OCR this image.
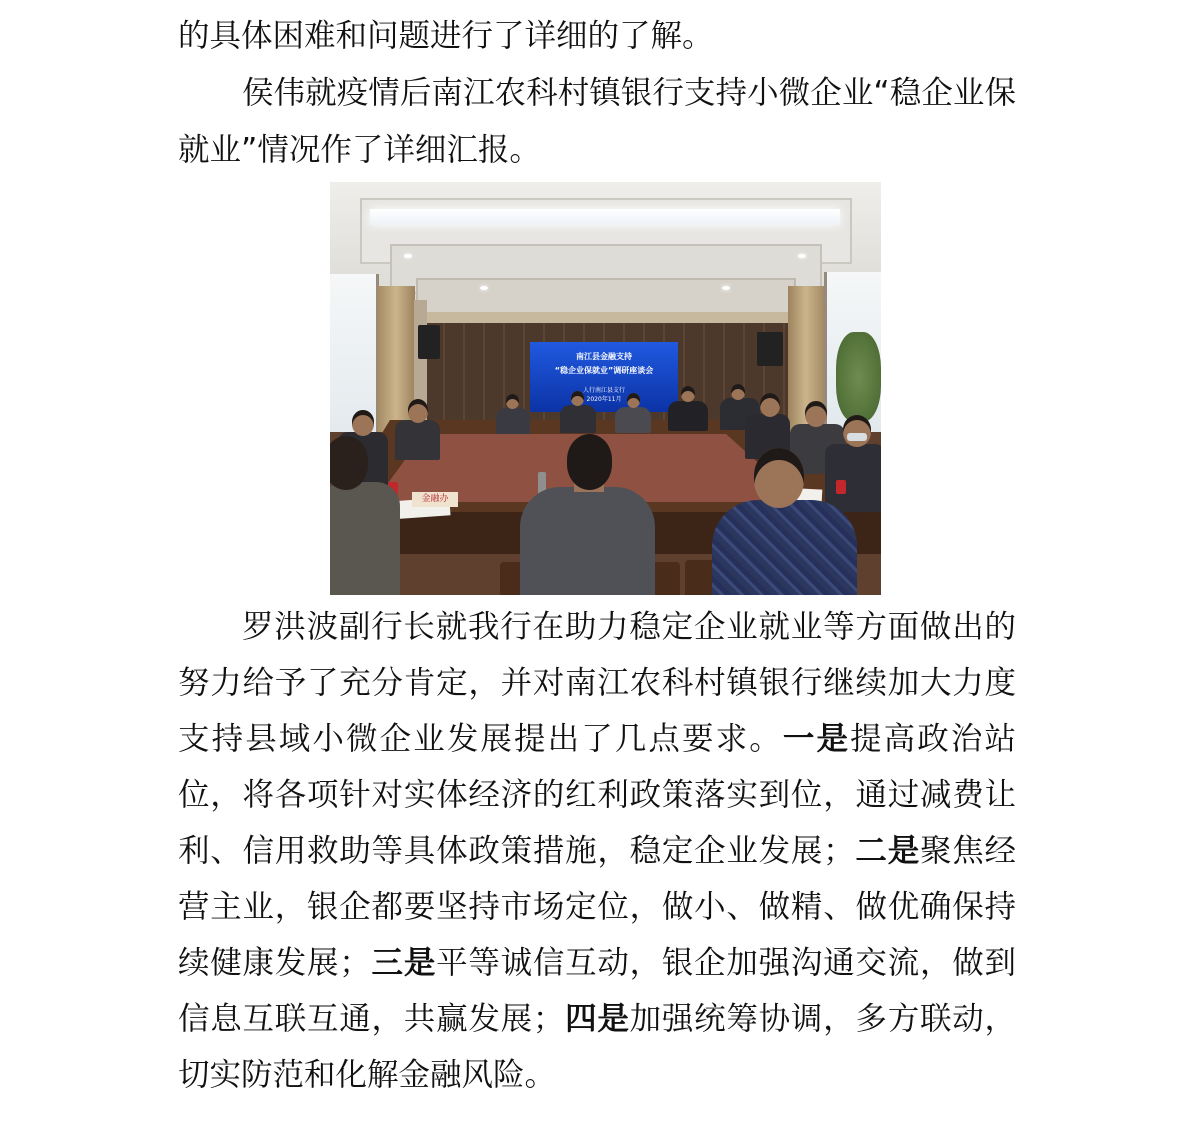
的具体困难和问题进行了详细的了解。
侯伟就疫情后南江农科村镇银行支持小微企业“稳企业保
就业”情况作了详细汇报。
南江县金融支持
“稳企业保就业”调研座谈会
人行南江县支行
2020年11月
金融办
罗洪波副行长就我行在助力稳定企业就业等方面做出的
努力给予了充分肯定，并对南江农科村镇银行继续加大力度
支持县域小微企业发展提出了几点要求。一是提高政治站
位，将各项针对实体经济的红利政策落实到位，通过减费让
利、信用救助等具体政策措施，稳定企业发展；二是聚焦经
营主业，银企都要坚持市场定位，做小、做精、做优确保持
续健康发展；三是平等诚信互动，银企加强沟通交流，做到
信息互联互通，共赢发展；四是加强统筹协调，多方联动，
切实防范和化解金融风险。
